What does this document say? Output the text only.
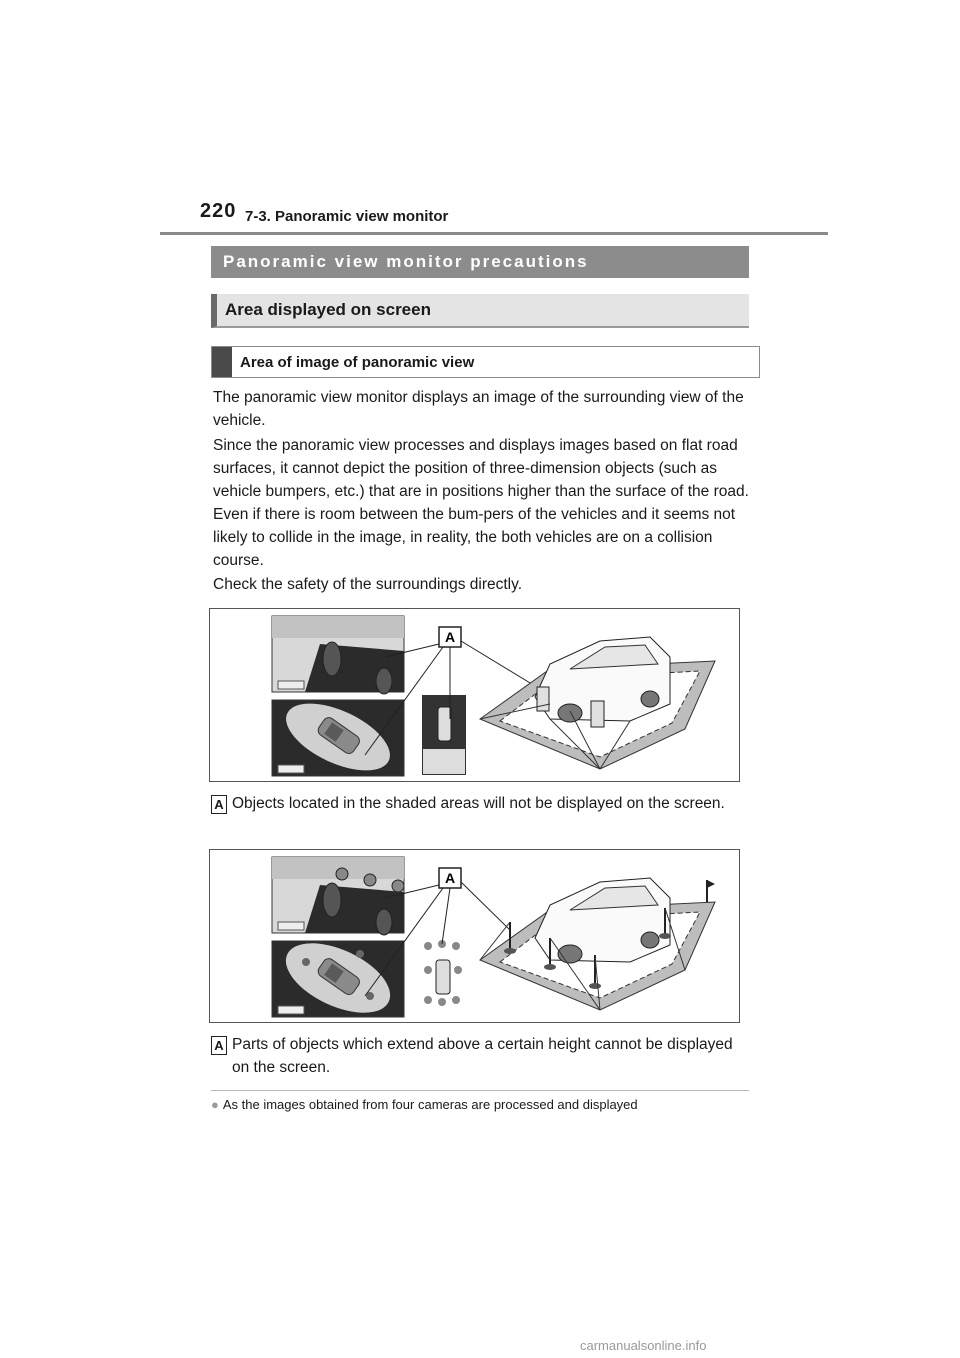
220 7-3. Panoramic view monitor
Panoramic view monitor precautions
Area displayed on screen
Area of image of panoramic view

The panoramic view monitor displays an image of the surrounding view of the vehicle.

Since the panoramic view processes and displays images based on flat road surfaces, it cannot depict the position of three-dimension objects (such as vehicle bumpers, etc.) that are in positions higher than the surface of the road. Even if there is room between the bum-pers of the vehicles and it seems not likely to collide in the image, in reality, the both vehicles are on a collision course.

Check the safety of the surroundings directly.

A
A Objects located in the shaded areas will not be displayed on the screen.

A
A Parts of objects which extend above a certain height cannot be displayed on the screen.

● As the images obtained from four cameras are processed and displayed

carmanualsonline.info
